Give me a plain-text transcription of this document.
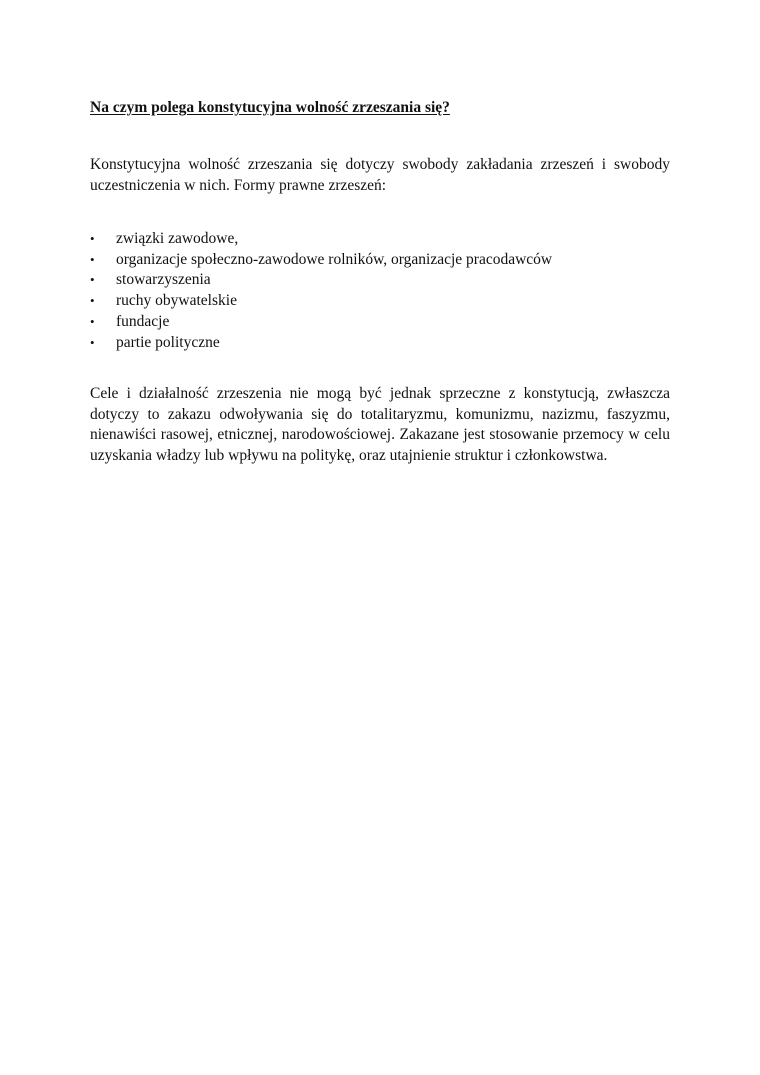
Na czym polega konstytucyjna wolność zrzeszania się?

Konstytucyjna wolność zrzeszania się dotyczy swobody zakładania zrzeszeń i swobody uczestniczenia w nich. Formy prawne zrzeszeń:

• związki zawodowe,
• organizacje społeczno-zawodowe rolników, organizacje pracodawców
• stowarzyszenia
• ruchy obywatelskie
• fundacje
• partie polityczne

Cele i działalność zrzeszenia nie mogą być jednak sprzeczne z konstytucją, zwłaszcza dotyczy to zakazu odwoływania się do totalitaryzmu, komunizmu, nazizmu, faszyzmu, nienawiści rasowej, etnicznej, narodowościowej. Zakazane jest stosowanie przemocy w celu uzyskania władzy lub wpływu na politykę, oraz utajnienie struktur i członkowstwa.
